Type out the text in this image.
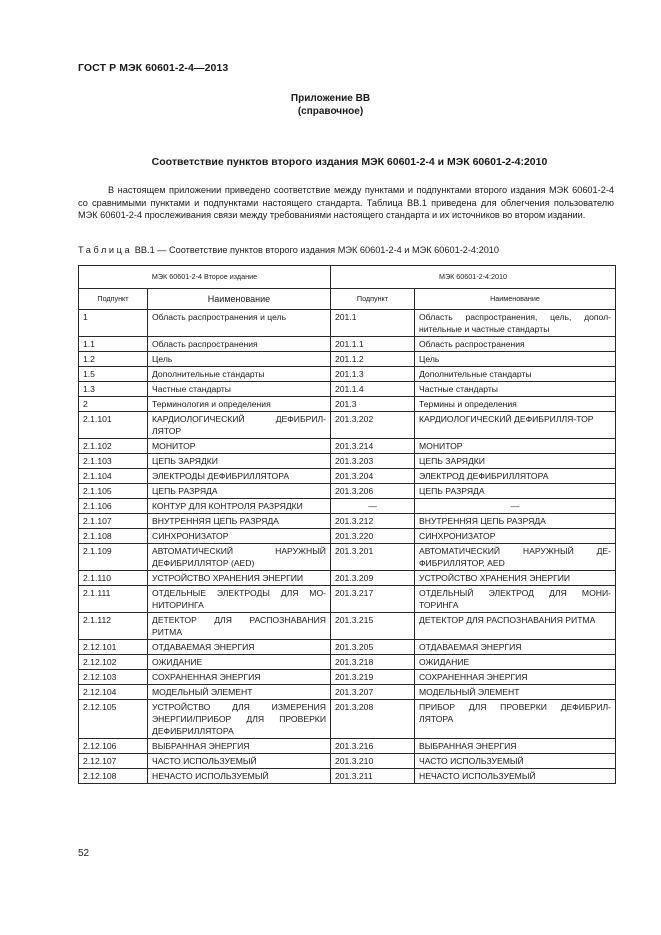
ГОСТ Р МЭК 60601-2-4—2013
Приложение ВВ
(справочное)
Соответствие пунктов второго издания МЭК 60601-2-4 и МЭК 60601-2-4:2010
В настоящем приложении приведено соответствие между пунктами и подпунктами второго издания МЭК 60601-2-4 со сравнимыми пунктами и подпунктами настоящего стандарта. Таблица ВВ.1 приведена для облегчения пользователю МЭК 60601-2-4 прослеживания связи между требованиями настоящего стандарта и их источников во втором издании.
Таблица ВВ.1 — Соответствие пунктов второго издания МЭК 60601-2-4 и МЭК 60601-2-4:2010
МЭК 60601-2-4 Второе издание		МЭК 60601-2-4:2010	
Подпункт	Наименование	Подпункт	Наименование
1	Область распространения и цель	201.1	Область распространения, цель, допол-нительные и частные стандарты
1.1	Область распространения	201.1.1	Область распространения
1.2	Цель	201.1.2	Цель
1.5	Дополнительные стандарты	201.1.3	Дополнительные стандарты
1.3	Частные стандарты	201.1.4	Частные стандарты
2	Терминология и определения	201.3	Термины и определения
2.1.101	КАРДИОЛОГИЧЕСКИЙ ДЕФИБРИЛ-ЛЯТОР	201.3.202	КАРДИОЛОГИЧЕСКИЙ ДЕФИБРИЛЛЯ-ТОР
2.1.102	МОНИТОР	201.3.214	МОНИТОР
2.1.103	ЦЕПЬ ЗАРЯДКИ	201.3.203	ЦЕПЬ ЗАРЯДКИ
2.1.104	ЭЛЕКТРОДЫ ДЕФИБРИЛЛЯТОРА	201.3.204	ЭЛЕКТРОД ДЕФИБРИЛЛЯТОРА
2.1.105	ЦЕПЬ РАЗРЯДА	201.3.206	ЦЕПЬ РАЗРЯДА
2.1.106	КОНТУР ДЛЯ КОНТРОЛЯ РАЗРЯДКИ	—	—
2.1.107	ВНУТРЕННЯЯ ЦЕПЬ РАЗРЯДА	201.3.212	ВНУТРЕННЯЯ ЦЕПЬ РАЗРЯДА
2.1.108	СИНХРОНИЗАТОР	201.3.220	СИНХРОНИЗАТОР
2.1.109	АВТОМАТИЧЕСКИЙ НАРУЖНЫЙ ДЕФИБРИЛЛЯТОР (AED)	201.3.201	АВТОМАТИЧЕСКИЙ НАРУЖНЫЙ ДЕ-ФИБРИЛЛЯТОР, AED
2.1.110	УСТРОЙСТВО ХРАНЕНИЯ ЭНЕРГИИ	201.3.209	УСТРОЙСТВО ХРАНЕНИЯ ЭНЕРГИИ
2.1.111	ОТДЕЛЬНЫЕ ЭЛЕКТРОДЫ ДЛЯ МО-НИТОРИНГА	201.3.217	ОТДЕЛЬНЫЙ ЭЛЕКТРОД ДЛЯ МОНИ-ТОРИНГА
2.1.112	ДЕТЕКТОР ДЛЯ РАСПОЗНАВАНИЯ РИТМА	201.3.215	ДЕТЕКТОР ДЛЯ РАСПОЗНАВАНИЯ РИТМА
2.12.101	ОТДАВАЕМАЯ ЭНЕРГИЯ	201.3.205	ОТДАВАЕМАЯ ЭНЕРГИЯ
2.12.102	ОЖИДАНИЕ	201.3.218	ОЖИДАНИЕ
2.12.103	СОХРАНЕННАЯ ЭНЕРГИЯ	201.3.219	СОХРАНЕННАЯ ЭНЕРГИЯ
2.12.104	МОДЕЛЬНЫЙ ЭЛЕМЕНТ	201.3.207	МОДЕЛЬНЫЙ ЭЛЕМЕНТ
2.12.105	УСТРОЙСТВО ДЛЯ ИЗМЕРЕНИЯ ЭНЕРГИИ/ПРИБОР ДЛЯ ПРОВЕРКИ ДЕФИБРИЛЛЯТОРА	201.3.208	ПРИБОР ДЛЯ ПРОВЕРКИ ДЕФИБРИЛ-ЛЯТОРА
2.12.106	ВЫБРАННАЯ ЭНЕРГИЯ	201.3.216	ВЫБРАННАЯ ЭНЕРГИЯ
2.12.107	ЧАСТО ИСПОЛЬЗУЕМЫЙ	201.3.210	ЧАСТО ИСПОЛЬЗУЕМЫЙ
2.12.108	НЕЧАСТО ИСПОЛЬЗУЕМЫЙ	201.3.211	НЕЧАСТО ИСПОЛЬЗУЕМЫЙ
52
